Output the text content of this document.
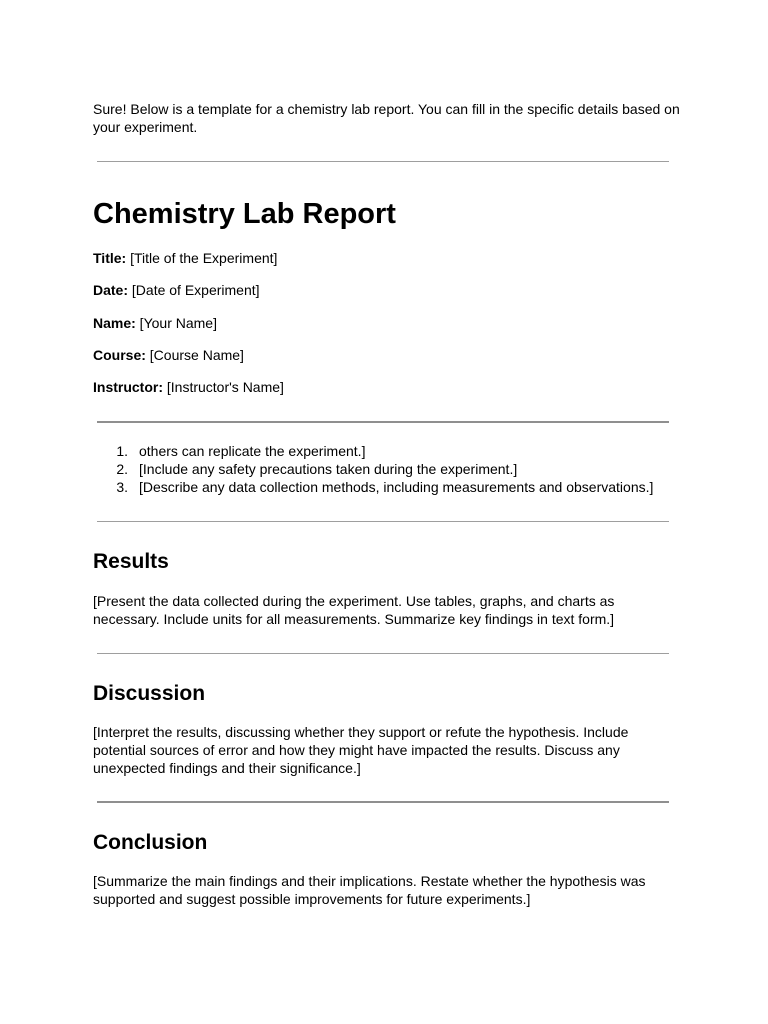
Sure! Below is a template for a chemistry lab report. You can fill in the specific details based on your experiment.

Chemistry Lab Report

Title: [Title of the Experiment]

Date: [Date of Experiment]

Name: [Your Name]

Course: [Course Name]

Instructor: [Instructor's Name]

1. others can replicate the experiment.]
2. [Include any safety precautions taken during the experiment.]
3. [Describe any data collection methods, including measurements and observations.]
Results

[Present the data collected during the experiment. Use tables, graphs, and charts as necessary. Include units for all measurements. Summarize key findings in text form.]

Discussion

[Interpret the results, discussing whether they support or refute the hypothesis. Include potential sources of error and how they might have impacted the results. Discuss any unexpected findings and their significance.]

Conclusion

[Summarize the main findings and their implications. Restate whether the hypothesis was supported and suggest possible improvements for future experiments.]
